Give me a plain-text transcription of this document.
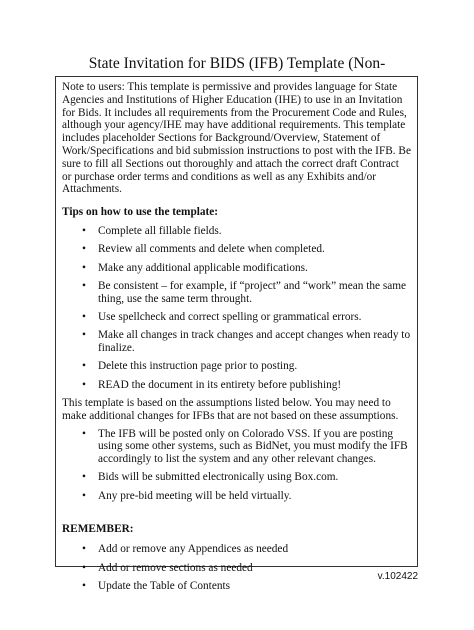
State Invitation for BIDS (IFB) Template (Non-

Note to users: This template is permissive and provides language for State Agencies and Institutions of Higher Education (IHE) to use in an Invitation for Bids. It includes all requirements from the Procurement Code and Rules, although your agency/IHE may have additional requirements. This template includes placeholder Sections for Background/Overview, Statement of Work/Specifications and bid submission instructions to post with the IFB. Be sure to fill all Sections out thoroughly and attach the correct draft Contract or purchase order terms and conditions as well as any Exhibits and/or Attachments.

Tips on how to use the template:
• Complete all fillable fields.
• Review all comments and delete when completed.
• Make any additional applicable modifications.
• Be consistent – for example, if “project” and “work” mean the same thing, use the same term throught.
• Use spellcheck and correct spelling or grammatical errors.
• Make all changes in track changes and accept changes when ready to finalize.
• Delete this instruction page prior to posting.
• READ the document in its entirety before publishing!

This template is based on the assumptions listed below. You may need to make additional changes for IFBs that are not based on these assumptions.

• The IFB will be posted only on Colorado VSS. If you are posting using some other systems, such as BidNet, you must modify the IFB accordingly to list the system and any other relevant changes.
• Bids will be submitted electronically using Box.com.
• Any pre-bid meeting will be held virtually.
REMEMBER:
• Add or remove any Appendices as needed
• Add or remove sections as needed
• Update the Table of Contents
v.102422
